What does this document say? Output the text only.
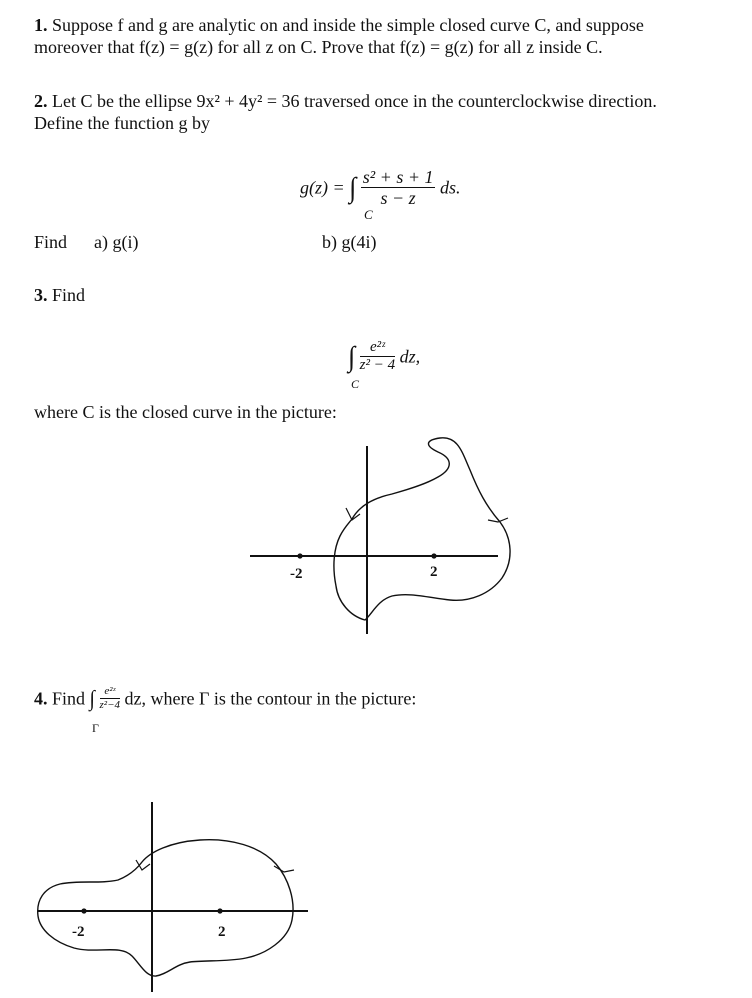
1. Suppose f and g are analytic on and inside the simple closed curve C, and suppose
moreover that f(z) = g(z) for all z on C. Prove that f(z) = g(z) for all z inside C.
2. Let C be the ellipse 9x² + 4y² = 36 traversed once in the counterclockwise direction.
Define the function g by
g(z) = ∫ $\frac{\text{s² + s + 1}}{s - z}$ ds.
C
Find a) g(i)	b) g(4i)
3. Find
∫ $\frac{\text{e²ᶻ}}{\text{z² − 4}}$ dz,
C
where C is the closed curve in the picture:
-2	2
4. Find ∫ $\frac{\text{e²ᶻ}}{\text{z²−4}}$ dz, where Γ is the contour in the picture:
Γ
-2	2
